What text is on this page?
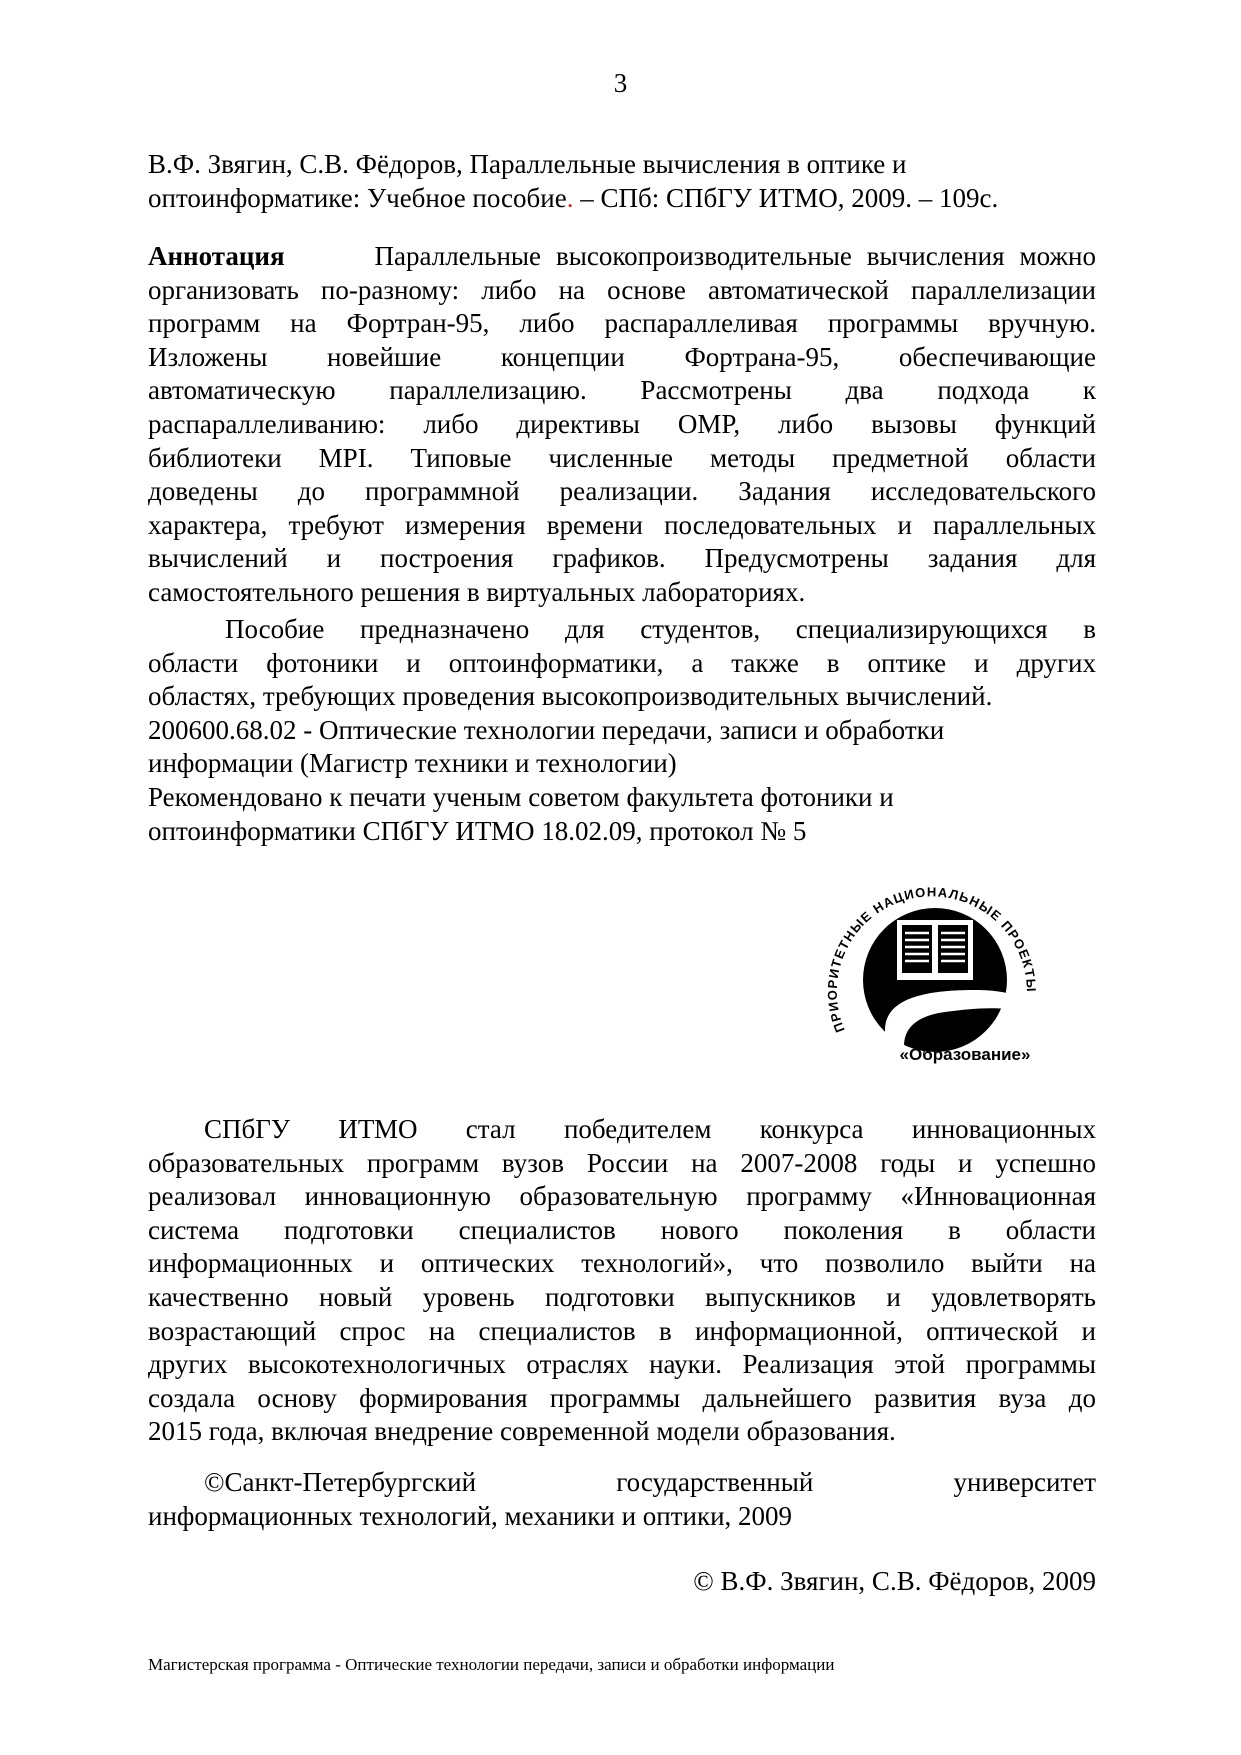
3
В.Ф. Звягин, С.В. Фёдоров, Параллельные вычисления в оптике и
оптоинформатике: Учебное пособие. – СПб: СПбГУ ИТМО, 2009. – 109с.
Аннотация	Параллельные высокопроизводительные вычисления можно
организовать по-разному: либо на основе автоматической параллелизации
программ на Фортран-95, либо распараллеливая программы вручную.
Изложены новейшие концепции Фортрана-95, обеспечивающие
автоматическую параллелизацию. Рассмотрены два подхода к
распараллеливанию: либо директивы OMP, либо вызовы функций
библиотеки MPI. Типовые численные методы предметной области
доведены до программной реализации. Задания исследовательского
характера, требуют измерения времени последовательных и параллельных
вычислений и построения графиков. Предусмотрены задания для
самостоятельного решения в виртуальных лабораториях.
Пособие предназначено для студентов, специализирующихся в
области фотоники и оптоинформатики, а также в оптике и других
областях, требующих проведения высокопроизводительных вычислений.
200600.68.02 - Оптические технологии передачи, записи и обработки
информации (Магистр техники и технологии)
Рекомендовано к печати ученым советом факультета фотоники и
оптоинформатики СПбГУ ИТМО 18.02.09, протокол № 5
ПРИОРИТЕТНЫЕ НАЦИОНАЛЬНЫЕ ПРОЕКТЫ
«Образование»
СПбГУ ИТМО стал победителем конкурса инновационных
образовательных программ вузов России на 2007-2008 годы и успешно
реализовал инновационную образовательную программу «Инновационная
система подготовки специалистов нового поколения в области
информационных и оптических технологий», что позволило выйти на
качественно новый уровень подготовки выпускников и удовлетворять
возрастающий спрос на специалистов в информационной, оптической и
других высокотехнологичных отраслях науки. Реализация этой программы
создала основу формирования программы дальнейшего развития вуза до
2015 года, включая внедрение современной модели образования.
©Санкт-Петербургский государственный университет
информационных технологий, механики и оптики, 2009
© В.Ф. Звягин, С.В. Фёдоров, 2009
Магистерская программа - Оптические технологии передачи, записи и обработки информации
